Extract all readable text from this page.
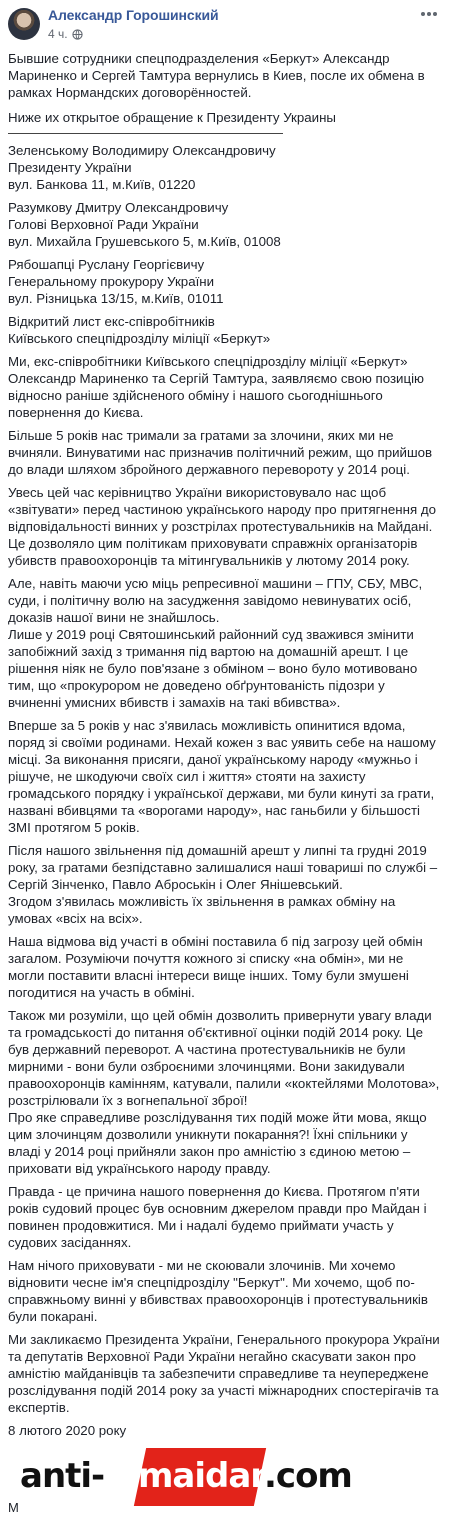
Александр Горошинский
4 ч.

Бывшие сотрудники спецподразделения «Беркут» Александр Мариненко и Сергей Тамтура вернулись в Киев, после их обмена в рамках Нормандских договорённостей.

Ниже их открытое обращение к Президенту Украины

Зеленському Володимиру Олександровичу

Президенту України

вул. Банкова 11, м.Київ, 01220

Разумкову Дмитру Олександровичу

Голові Верховної Ради України

вул. Михайла Грушевського 5, м.Київ, 01008

Рябошапці Руслану Георгієвичу

Генеральному прокурору України

вул. Різницька 13/15, м.Київ, 01011

Відкритий лист екс-співробітників

Київського спецпідрозділу міліції «Беркут»

Ми, екс-співробітники Київського спецпідрозділу міліції «Беркут» Олександр Мариненко та Сергій Тамтура, заявляємо свою позицію відносно раніше здійсненого обміну і нашого сьогоднішнього повернення до Києва.

Більше 5 років нас тримали за гратами за злочини, яких ми не вчиняли. Винуватими нас призначив політичний режим, що прийшов до влади шляхом збройного державного перевороту у 2014 році.

Увесь цей час керівництво України використовувало нас щоб «звітувати» перед частиною українського народу про притягнення до відповідальності винних у розстрілах протестувальників на Майдані. Це дозволяло цим політикам приховувати справжніх організаторів убивств правоохоронців та мітингувальників у лютому 2014 року.

Але, навіть маючи усю міць репресивної машини – ГПУ, СБУ, МВС, суди, і політичну волю на засудження завідомо невинуватих осіб, доказів нашої вини не знайшлось.
Лише у 2019 році Святошинський районний суд зважився змінити запобіжний захід з тримання під вартою на домашній арешт. І це рішення ніяк не було пов'язане з обміном – воно було мотивовано тим, що «прокурором не доведено обґрунтованість підозри у вчиненні умисних вбивств і замахів на такі вбивства».

Вперше за 5 років у нас з'явилась можливість опинитися вдома, поряд зі своїми родинами. Нехай кожен з вас уявить себе на нашому місці. За виконання присяги, даної українському народу «мужньо і рішуче, не шкодуючи своїх сил і життя» стояти на захисту громадського порядку і української держави, ми були кинуті за грати, названі вбивцями та «ворогами народу», нас ганьбили у більшості ЗМІ протягом 5 років.

Після нашого звільнення під домашній арешт у липні та грудні 2019 року, за гратами безпідставно залишалися наші товариші по службі – Сергій Зінченко, Павло Аброськін і Олег Янішевський.
Згодом з'явилась можливість їх звільнення в рамках обміну на умовах «всіх на всіх».

Наша відмова від участі в обміні поставила б під загрозу цей обмін загалом. Розуміючи почуття кожного зі списку «на обмін», ми не могли поставити власні інтереси вище інших. Тому були змушені погодитися на участь в обміні.

Також ми розуміли, що цей обмін дозволить привернути увагу влади та громадськості до питання об'єктивної оцінки подій 2014 року. Це був державний переворот. А частина протестувальників не були мирними - вони були озброєними злочинцями. Вони закидували правоохоронців камінням, катували, палили «коктейлями Молотова», розстрілювали їх з вогнепальної зброї!
Про яке справедливе розслідування тих подій може йти мова, якщо цим злочинцям дозволили уникнути покарання?! Їхні спільники у владі у 2014 році прийняли закон про амністію з єдиною метою – приховати від українського народу правду.

Правда - це причина нашого повернення до Києва. Протягом п'яти років судовий процес був основним джерелом правди про Майдан і повинен продовжитися. Ми і надалі будемо приймати участь у судових засіданнях.

Нам нічого приховувати - ми не скоювали злочинів. Ми хочемо відновити чесне ім'я спецпідрозділу "Беркут". Ми хочемо, щоб по-справжньому винні у вбивствах правоохоронців і протестувальників були покарані.

Ми закликаємо Президента України, Генерального прокурора України та депутатів Верховної Ради України негайно скасувати закон про амністію майданівців та забезпечити справедливе та неупереджене розслідування подій 2014 року за участі міжнародних спостерігачів та експертів.

8 лютого 2020 року

anti- maidan
.com
М
